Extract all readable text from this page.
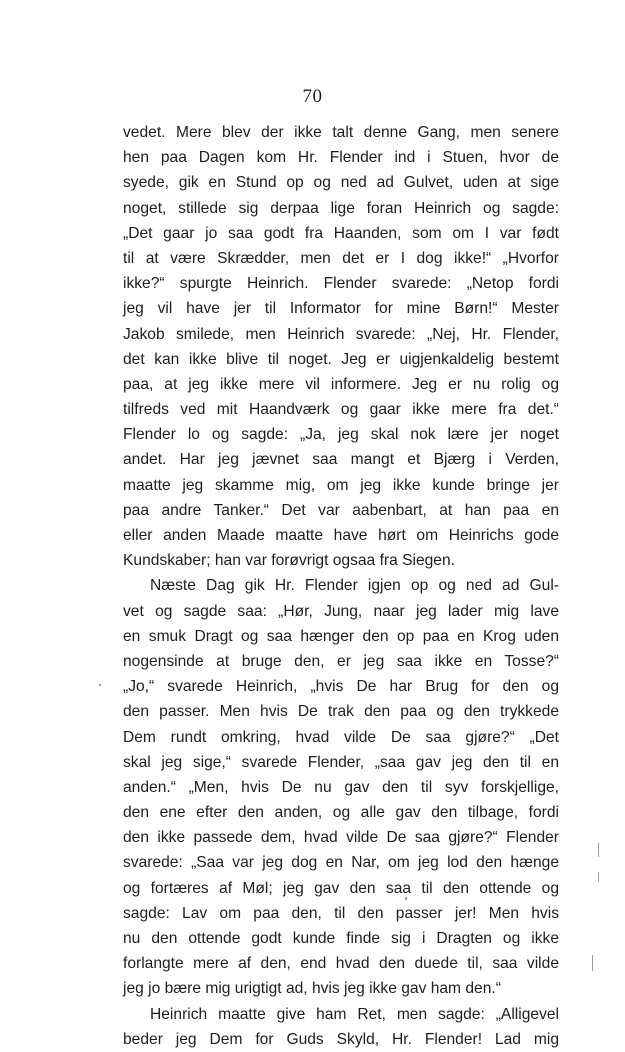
70
vedet. Mere blev der ikke talt denne Gang, men senere
hen paa Dagen kom Hr. Flender ind i Stuen, hvor de
syede, gik en Stund op og ned ad Gulvet, uden at sige
noget, stillede sig derpaa lige foran Heinrich og sagde:
„Det gaar jo saa godt fra Haanden, som om I var født
til at være Skrædder, men det er I dog ikke!“ „Hvorfor
ikke?“ spurgte Heinrich. Flender svarede: „Netop fordi
jeg vil have jer til Informator for mine Børn!“ Mester
Jakob smilede, men Heinrich svarede: „Nej, Hr. Flender,
det kan ikke blive til noget. Jeg er uigjenkaldelig bestemt
paa, at jeg ikke mere vil informere. Jeg er nu rolig og
tilfreds ved mit Haandværk og gaar ikke mere fra det.“
Flender lo og sagde: „Ja, jeg skal nok lære jer noget
andet. Har jeg jævnet saa mangt et Bjærg i Verden,
maatte jeg skamme mig, om jeg ikke kunde bringe jer
paa andre Tanker.“ Det var aabenbart, at han paa en
eller anden Maade maatte have hørt om Heinrichs gode
Kundskaber; han var forøvrigt ogsaa fra Siegen.
Næste Dag gik Hr. Flender igjen op og ned ad Gul-
vet og sagde saa: „Hør, Jung, naar jeg lader mig lave
en smuk Dragt og saa hænger den op paa en Krog uden
nogensinde at bruge den, er jeg saa ikke en Tosse?“
„Jo,“ svarede Heinrich, „hvis De har Brug for den og
den passer. Men hvis De trak den paa og den trykkede
Dem rundt omkring, hvad vilde De saa gjøre?“ „Det
skal jeg sige,“ svarede Flender, „saa gav jeg den til en
anden.“ „Men, hvis De nu gav den til syv forskjellige,
den ene efter den anden, og alle gav den tilbage, fordi
den ikke passede dem, hvad vilde De saa gjøre?“ Flender
svarede: „Saa var jeg dog en Nar, om jeg lod den hænge
og fortæres af Møl; jeg gav den saa til den ottende og
sagde: Lav om paa den, til den passer jer! Men hvis
nu den ottende godt kunde finde sig i Dragten og ikke
forlangte mere af den, end hvad den duede til, saa vilde
jeg jo bære mig urigtigt ad, hvis jeg ikke gav ham den.“
Heinrich maatte give ham Ret, men sagde: „Alligevel
beder jeg Dem for Guds Skyld, Hr. Flender! Lad mig
